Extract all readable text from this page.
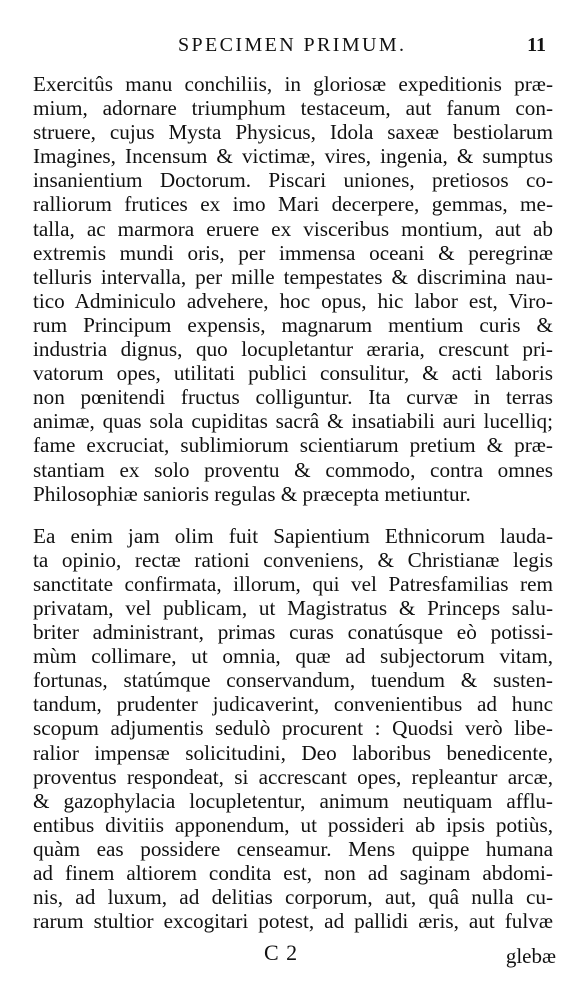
SPECIMEN PRIMUM.	11
Exercitûs manu conchiliis, in gloriosæ expeditionis præ-
mium, adornare triumphum testaceum, aut fanum con-
struere, cujus Mysta Physicus, Idola saxeæ bestiolarum
Imagines, Incensum & victimæ, vires, ingenia, & sumptus
insanientium Doctorum. Piscari uniones, pretiosos co-
ralliorum frutices ex imo Mari decerpere, gemmas, me-
talla, ac marmora eruere ex visceribus montium, aut ab
extremis mundi oris, per immensa oceani & peregrinæ
telluris intervalla, per mille tempestates & discrimina nau-
tico Adminiculo advehere, hoc opus, hic labor est, Viro-
rum Principum expensis, magnarum mentium curis &
industria dignus, quo locupletantur æraria, crescunt pri-
vatorum opes, utilitati publici consulitur, & acti laboris
non pœnitendi fructus colliguntur. Ita curvæ in terras
animæ, quas sola cupiditas sacrâ & insatiabili auri lucelliq;
fame excruciat, sublimiorum scientiarum pretium & præ-
stantiam ex solo proventu & commodo, contra omnes
Philosophiæ sanioris regulas & præcepta metiuntur.
Ea enim jam olim fuit Sapientium Ethnicorum lauda-
ta opinio, rectæ rationi conveniens, & Christianæ legis
sanctitate confirmata, illorum, qui vel Patresfamilias rem
privatam, vel publicam, ut Magistratus & Princeps salu-
briter administrant, primas curas conatúsque eò potissi-
mùm collimare, ut omnia, quæ ad subjectorum vitam,
fortunas, statúmque conservandum, tuendum & susten-
tandum, prudenter judicaverint, convenientibus ad hunc
scopum adjumentis sedulò procurent : Quodsi verò libe-
ralior impensæ solicitudini, Deo laboribus benedicente,
proventus respondeat, si accrescant opes, repleantur arcæ,
& gazophylacia locupletentur, animum neutiquam afflu-
entibus divitiis apponendum, ut possideri ab ipsis potiùs,
quàm eas possidere censeamur. Mens quippe humana
ad finem altiorem condita est, non ad saginam abdomi-
nis, ad luxum, ad delitias corporum, aut, quâ nulla cu-
rarum stultior excogitari potest, ad pallidi æris, aut fulvæ
C 2	glebæ
